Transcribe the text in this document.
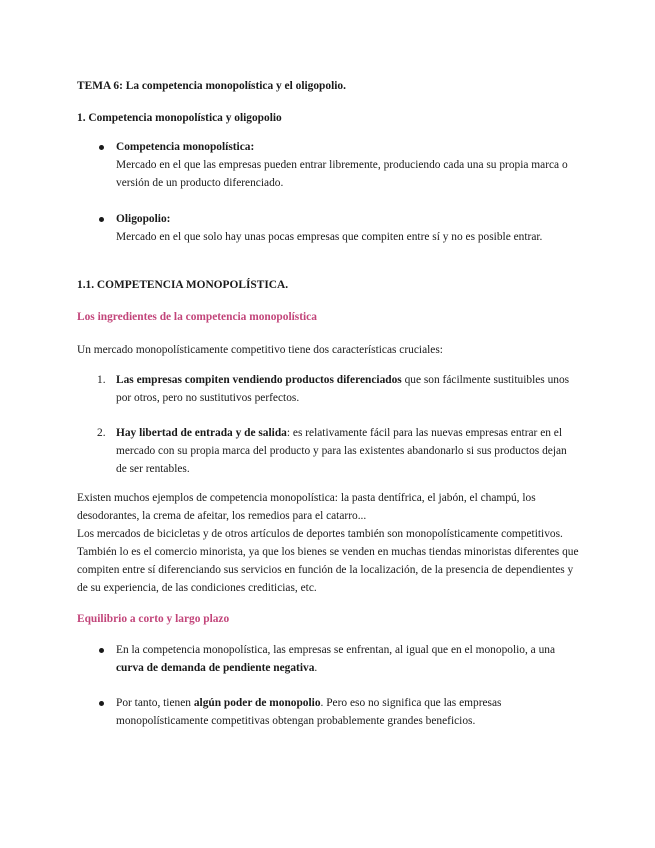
TEMA 6: La competencia monopolística y el oligopolio.

1. Competencia monopolística y oligopolio

Competencia monopolística:

Mercado en el que las empresas pueden entrar libremente, produciendo cada una su propia marca o versión de un producto diferenciado.

Oligopolio:

Mercado en el que solo hay unas pocas empresas que compiten entre sí y no es posible entrar.

1.1. COMPETENCIA MONOPOLÍSTICA.

Los ingredientes de la competencia monopolística

Un mercado monopolísticamente competitivo tiene dos características cruciales:

1. Las empresas compiten vendiendo productos diferenciados que son fácilmente sustituibles unos por otros, pero no sustitutivos perfectos.

2. Hay libertad de entrada y de salida: es relativamente fácil para las nuevas empresas entrar en el mercado con su propia marca del producto y para las existentes abandonarlo si sus productos dejan de ser rentables.

Existen muchos ejemplos de competencia monopolística: la pasta dentífrica, el jabón, el champú, los desodorantes, la crema de afeitar, los remedios para el catarro...

Los mercados de bicicletas y de otros artículos de deportes también son monopolísticamente competitivos. También lo es el comercio minorista, ya que los bienes se venden en muchas tiendas minoristas diferentes que compiten entre sí diferenciando sus servicios en función de la localización, de la presencia de dependientes y de su experiencia, de las condiciones crediticias, etc.

Equilibrio a corto y largo plazo

En la competencia monopolística, las empresas se enfrentan, al igual que en el monopolio, a una curva de demanda de pendiente negativa.

Por tanto, tienen algún poder de monopolio. Pero eso no significa que las empresas monopolísticamente competitivas obtengan probablemente grandes beneficios.
